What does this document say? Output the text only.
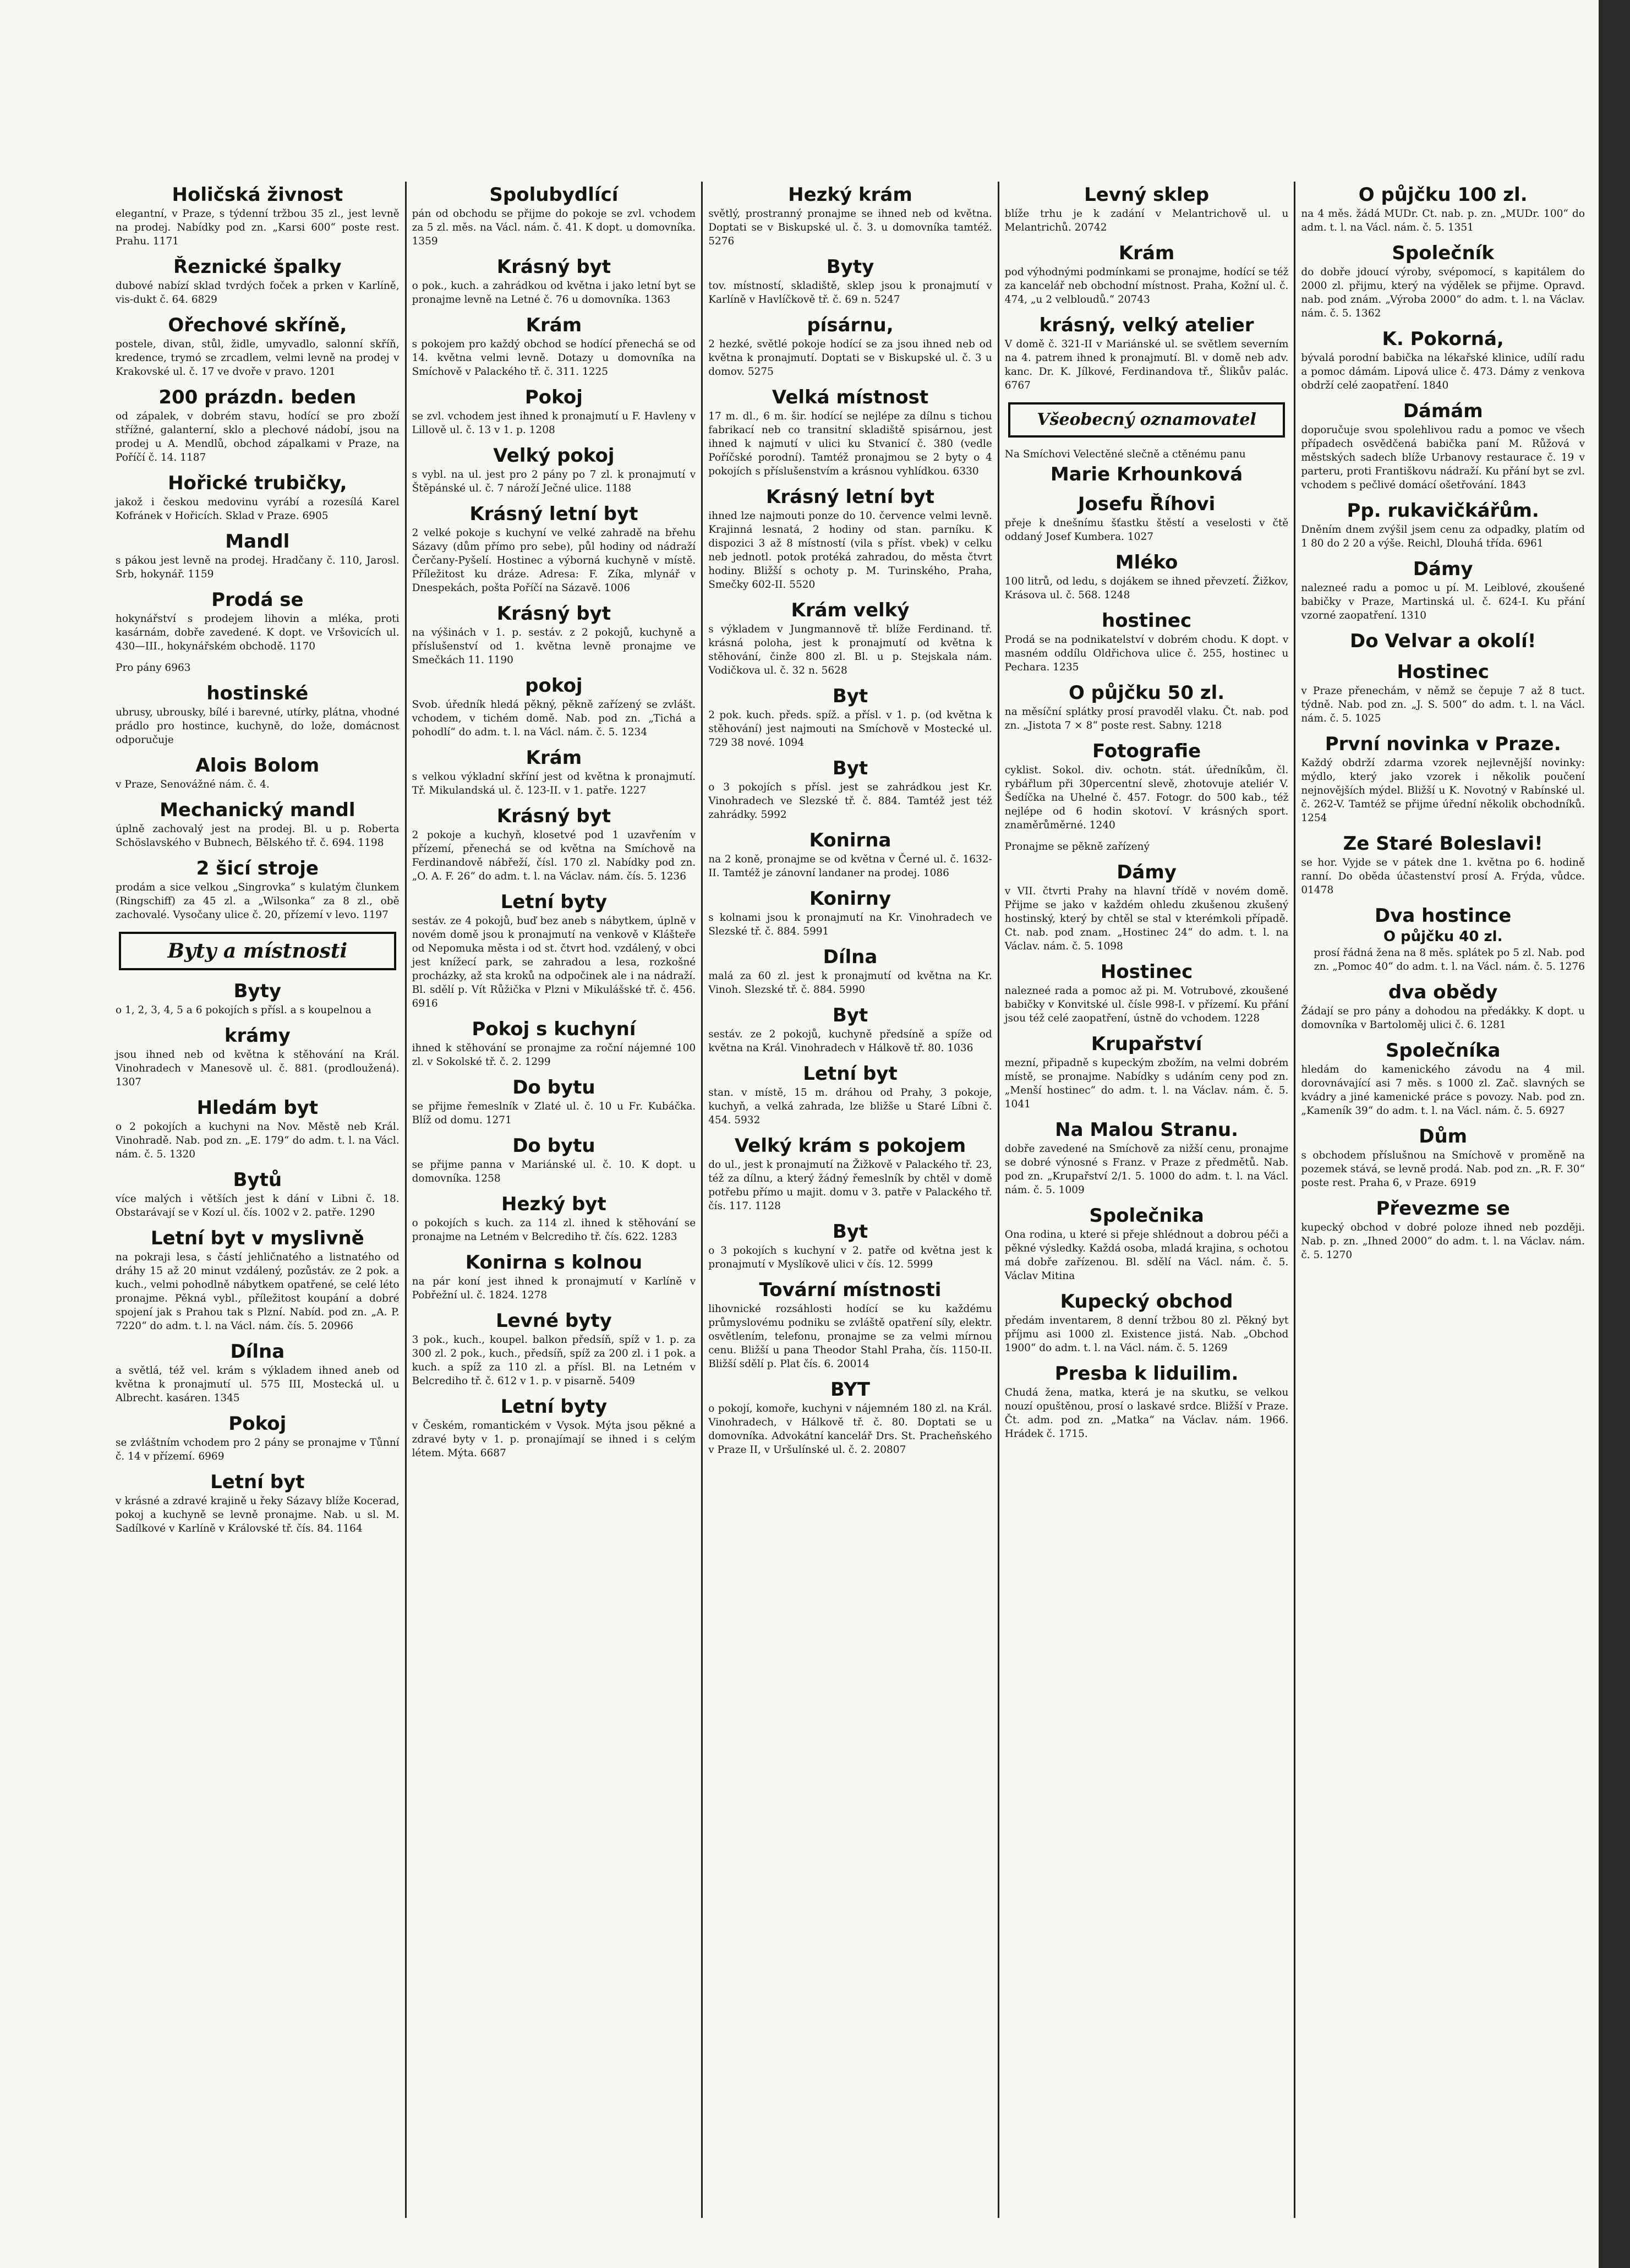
Holičská živnost

elegantní, v Praze, s týdenní tržbou 35 zl., jest levně na prodej. Nabídky pod zn. „Karsi 600“ poste rest. Prahu. 1171

Řeznické špalky

dubové nabízí sklad tvrdých foček a prken v Karlíně, vis-dukt č. 64. 6829

Ořechové skříně,

postele, divan, stůl, židle, umyvadlo, salonní skříň, kredence, trymó se zrcadlem, velmi levně na prodej v Krakovské ul. č. 17 ve dvoře v pravo. 1201

200 prázdn. beden

od zápalek, v dobrém stavu, hodící se pro zboží střížné, galanterní, sklo a plechové nádobí, jsou na prodej u A. Mendlů, obchod zápalkami v Praze, na Poříčí č. 14. 1187

Hořické trubičky,

jakož i českou medovinu vyrábí a rozesílá Karel Kofránek v Hořicích. Sklad v Praze. 6905

Mandl

s pákou jest levně na prodej. Hradčany č. 110, Jarosl. Srb, hokynář. 1159

Prodá se

hokynářství s prodejem lihovin a mléka, proti kasárnám, dobře zavedené. K dopt. ve Vršovicích ul. 430—III., hokynářském obchodě. 1170

Pro pány 6963

hostinské

ubrusy, ubrousky, bílé i barevné, utírky, plátna, vhodné prádlo pro hostince, kuchyně, do lože, domácnost odporučuje

Alois Bolom

v Praze, Senovážné nám. č. 4.

Mechanický mandl

úplně zachovalý jest na prodej. Bl. u p. Roberta Schöslavského v Bubnech, Bělského tř. č. 694. 1198

2 šicí stroje

prodám a sice velkou „Singrovka“ s kulatým člunkem (Ringschiff) za 45 zl. a „Wilsonka“ za 8 zl., obě zachovalé. Vysočany ulice č. 20, přízemí v levo. 1197

Byty a místnosti
Byty

o 1, 2, 3, 4, 5 a 6 pokojích s přísl. a s koupelnou a

krámy

jsou ihned neb od května k stěhování na Král. Vinohradech v Manesově ul. č. 881. (prodloužená). 1307

Hledám byt

o 2 pokojích a kuchyni na Nov. Městě neb Král. Vinohradě. Nab. pod zn. „E. 179“ do adm. t. l. na Václ. nám. č. 5. 1320

Bytů

více malých i větších jest k dání v Libni č. 18. Obstarávají se v Kozí ul. čís. 1002 v 2. patře. 1290

Letní byt v myslivně

na pokraji lesa, s částí jehličnatého a listnatého od dráhy 15 až 20 minut vzdálený, pozůstáv. ze 2 pok. a kuch., velmi pohodlně nábytkem opatřené, se celé léto pronajme. Pěkná vybl., příležitost koupání a dobré spojení jak s Prahou tak s Plzní. Nabíd. pod zn. „A. P. 7220“ do adm. t. l. na Václ. nám. čís. 5. 20966

Dílna

a světlá, též vel. krám s výkladem ihned aneb od května k pronajmutí ul. 575 III, Mostecká ul. u Albrecht. kasáren. 1345

Pokoj

se zvláštním vchodem pro 2 pány se pronajme v Tůnní č. 14 v přízemí. 6969

Letní byt

v krásné a zdravé krajině u řeky Sázavy blíže Kocerad, pokoj a kuchyně se levně pronajme. Nab. u sl. M. Sadílkové v Karlíně v Královské tř. čís. 84. 1164

Spolubydlící

pán od obchodu se přijme do pokoje se zvl. vchodem za 5 zl. měs. na Václ. nám. č. 41. K dopt. u domovníka. 1359

Krásný byt

o pok., kuch. a zahrádkou od května i jako letní byt se pronajme levně na Letné č. 76 u domovníka. 1363

Krám

s pokojem pro každý obchod se hodící přenechá se od 14. května velmi levně. Dotazy u domovníka na Smíchově v Palackého tř. č. 311. 1225

Pokoj

se zvl. vchodem jest ihned k pronajmutí u F. Havleny v Lillově ul. č. 13 v 1. p. 1208

Velký pokoj

s vybl. na ul. jest pro 2 pány po 7 zl. k pronajmutí v Štěpánské ul. č. 7 nároží Ječné ulice. 1188

Krásný letní byt

2 velké pokoje s kuchyní ve velké zahradě na břehu Sázavy (dům přímo pro sebe), půl hodiny od nádraží Čerčany-Pyšelí. Hostinec a výborná kuchyně v místě. Příležitost ku dráze. Adresa: F. Zíka, mlynář v Dnespekách, pošta Poříčí na Sázavě. 1006

Krásný byt

na výšinách v 1. p. sestáv. z 2 pokojů, kuchyně a příslušenství od 1. května levně pronajme ve Smečkách 11. 1190

pokoj

Svob. úředník hledá pěkný, pěkně zařízený se zvlášt. vchodem, v tichém domě. Nab. pod zn. „Tichá a pohodlí“ do adm. t. l. na Václ. nám. č. 5. 1234

Krám

s velkou výkladní skříní jest od května k pronajmutí. Tř. Mikulandská ul. č. 123-II. v 1. patře. 1227

Krásný byt

2 pokoje a kuchyň, klosetvé pod 1 uzavřením v přízemí, přenechá se od května na Smíchově na Ferdinandově nábřeží, čísl. 170 zl. Nabídky pod zn. „O. A. F. 26“ do adm. t. l. na Václav. nám. čís. 5. 1236

Letní byty

sestáv. ze 4 pokojů, buď bez aneb s nábytkem, úplně v novém domě jsou k pronajmutí na venkově v Klášteře od Nepomuka města i od st. čtvrt hod. vzdálený, v obci jest knížecí park, se zahradou a lesa, rozkošné procházky, až sta kroků na odpočinek ale i na nádraží. Bl. sdělí p. Vít Růžička v Plzni v Mikulášské tř. č. 456. 6916

Pokoj s kuchyní

ihned k stěhování se pronajme za roční nájemné 100 zl. v Sokolské tř. č. 2. 1299

Do bytu

se přijme řemeslník v Zlaté ul. č. 10 u Fr. Kubáčka. Blíž od domu. 1271

Do bytu

se přijme panna v Mariánské ul. č. 10. K dopt. u domovníka. 1258

Hezký byt

o pokojích s kuch. za 114 zl. ihned k stěhování se pronajme na Letném v Belcrediho tř. čís. 622. 1283

Konirna s kolnou

na pár koní jest ihned k pronajmutí v Karlíně v Pobřežní ul. č. 1824. 1278

Levné byty

3 pok., kuch., koupel. balkon předsíň, spíž v 1. p. za 300 zl. 2 pok., kuch., předsíň, spíž za 200 zl. i 1 pok. a kuch. a spíž za 110 zl. a přísl. Bl. na Letném v Belcrediho tř. č. 612 v 1. p. v pisarně. 5409

Letní byty

v Českém, romantickém v Vysok. Mýta jsou pěkné a zdravé byty v 1. p. pronajímají se ihned i s celým létem. Mýta. 6687

Hezký krám

světlý, prostranný pronajme se ihned neb od května. Doptati se v Biskupské ul. č. 3. u domovníka tamtéž. 5276

Byty

tov. místností, skladiště, sklep jsou k pronajmutí v Karlíně v Havlíčkově tř. č. 69 n. 5247

písárnu,

2 hezké, světlé pokoje hodící se za jsou ihned neb od května k pronajmutí. Doptati se v Biskupské ul. č. 3 u domov. 5275

Velká místnost

17 m. dl., 6 m. šir. hodící se nejlépe za dílnu s tichou fabrikací neb co transitní skladiště spisárnou, jest ihned k najmutí v ulici ku Stvanicí č. 380 (vedle Poříčské porodní). Tamtéž pronajmou se 2 byty o 4 pokojích s příslušenstvím a krásnou vyhlídkou. 6330

Krásný letní byt

ihned lze najmouti ponze do 10. července velmi levně. Krajinná lesnatá, 2 hodiny od stan. parníku. K dispozici 3 až 8 místností (vila s příst. vbek) v celku neb jednotl. potok protéká zahradou, do města čtvrt hodiny. Bližší s ochoty p. M. Turinského, Praha, Smečky 602-II. 5520

Krám velký

s výkladem v Jungmannově tř. blíže Ferdinand. tř. krásná poloha, jest k pronajmutí od května k stěhování, činže 800 zl. Bl. u p. Stejskala nám. Vodičkova ul. č. 32 n. 5628

Byt

2 pok. kuch. předs. spíž. a přísl. v 1. p. (od května k stěhování) jest najmouti na Smíchově v Mostecké ul. 729 38 nové. 1094

Byt

o 3 pokojích s přísl. jest se zahrádkou jest Kr. Vinohradech ve Slezské tř. č. 884. Tamtéž jest též zahrádky. 5992

Konirna

na 2 koně, pronajme se od května v Černé ul. č. 1632-II. Tamtéž je zánovní landaner na prodej. 1086

Konirny

s kolnami jsou k pronajmutí na Kr. Vinohradech ve Slezské tř. č. 884. 5991

Dílna

malá za 60 zl. jest k pronajmutí od května na Kr. Vinoh. Slezské tř. č. 884. 5990

Byt

sestáv. ze 2 pokojů, kuchyně předsíně a spíže od května na Král. Vinohradech v Hálkově tř. 80. 1036

Letní byt

stan. v místě, 15 m. dráhou od Prahy, 3 pokoje, kuchyň, a velká zahrada, lze bližše u Staré Líbni č. 454. 5932

Velký krám s pokojem

do ul., jest k pronajmutí na Žižkově v Palackého tř. 23, též za dílnu, a který žádný řemeslník by chtěl v domě potřebu přímo u majit. domu v 3. patře v Palackého tř. čís. 117. 1128

Byt

o 3 pokojích s kuchyní v 2. patře od května jest k pronajmutí v Myslíkově ulici v čís. 12. 5999

Tovární místnosti

lihovnické rozsáhlosti hodící se ku každému průmyslovému podniku se zvláště opatření síly, elektr. osvětlením, telefonu, pronajme se za velmi mírnou cenu. Bližší u pana Theodor Stahl Praha, čís. 1150-II. Bližší sdělí p. Plat čís. 6. 20014

BYT

o pokojí, komoře, kuchyni v nájemném 180 zl. na Král. Vinohradech, v Hálkově tř. č. 80. Doptati se u domovníka. Advokátní kancelář Drs. St. Pracheňského v Praze II, v Uršulínské ul. č. 2. 20807

Levný sklep

blíže trhu je k zadání v Melantrichově ul. u Melantrichů. 20742

Krám

pod výhodnými podmínkami se pronajme, hodící se též za kancelář neb obchodní místnost. Praha, Kožní ul. č. 474, „u 2 velbloudů.“ 20743

krásný, velký atelier

V domě č. 321-II v Mariánské ul. se světlem severním na 4. patrem ihned k pronajmutí. Bl. v domě neb adv. kanc. Dr. K. Jílkové, Ferdinandova tř., Šlikův palác. 6767

Všeobecný oznamovatel

Na Smíchovi Velectěné slečně a ctěnému panu

Marie Krhounková
Josefu Říhovi

přeje k dnešnímu šťastku štěstí a veselosti v čtě oddaný Josef Kumbera. 1027

Mléko

100 litrů, od ledu, s dojákem se ihned převzetí. Žižkov, Krásova ul. č. 568. 1248

hostinec

Prodá se na podnikatelství v dobrém chodu. K dopt. v masném oddílu Oldřichova ulice č. 255, hostinec u Pechara. 1235

O půjčku 50 zl.

na měsíční splátky prosí pravoděl vlaku. Čt. nab. pod zn. „Jistota 7 × 8“ poste rest. Sabny. 1218

Fotografie

cyklist. Sokol. div. ochotn. stát. úředníkům, čl. rybářlum při 30percentní slevě, zhotovuje ateliér V. Šedíčka na Uhelné č. 457. Fotogr. do 500 kab., též nejlépe od 6 hodin skotoví. V krásných sport. znaměrůměrné. 1240

Pronajme se pěkně zařízený

Dámy

v VII. čtvrti Prahy na hlavní třídě v novém domě. Přijme se jako v každém ohledu zkušenou zkušený hostinský, který by chtěl se stal v kterémkoli případě. Ct. nab. pod znam. „Hostinec 24“ do adm. t. l. na Václav. nám. č. 5. 1098

Hostinec

nalezneé rada a pomoc až pi. M. Votrubové, zkoušené babičky v Konvitské ul. čísle 998-I. v přízemí. Ku přání jsou též celé zaopatření, ústně do vchodem. 1228

Krupařství

mezní, připadně s kupeckým zbožím, na velmi dobrém místě, se pronajme. Nabídky s udáním ceny pod zn. „Menší hostinec“ do adm. t. l. na Václav. nám. č. 5. 1041

Na Malou Stranu.

dobře zavedené na Smíchově za nižší cenu, pronajme se dobré výnosné s Franz. v Praze z předmětů. Nab. pod zn. „Krupařství 2/1. 5. 1000 do adm. t. l. na Václ. nám. č. 5. 1009

Společnika

Ona rodina, u které si přeje shlédnout a dobrou péči a pěkné výsledky. Každá osoba, mladá krajina, s ochotou má dobře zařízenou. Bl. sdělí na Václ. nám. č. 5. Václav Mitina

Kupecký obchod

předám inventarem, 8 denní tržbou 80 zl. Pěkný byt příjmu asi 1000 zl. Existence jistá. Nab. „Obchod 1900“ do adm. t. l. na Václ. nám. č. 5. 1269

Presba k liduilim.

Chudá žena, matka, která je na skutku, se velkou nouzí opuštěnou, prosí o laskavé srdce. Bližší v Praze. Čt. adm. pod zn. „Matka“ na Václav. nám. 1966. Hrádek č. 1715.

O půjčku 100 zl.

na 4 měs. žádá MUDr. Ct. nab. p. zn. „MUDr. 100“ do adm. t. l. na Václ. nám. č. 5. 1351

Společník

do dobře jdoucí výroby, svépomocí, s kapitálem do 2000 zl. přijmu, který na výdělek se přijme. Opravd. nab. pod znám. „Výroba 2000“ do adm. t. l. na Václav. nám. č. 5. 1362

K. Pokorná,

bývalá porodní babička na lékařské klinice, udílí radu a pomoc dámám. Lipová ulice č. 473. Dámy z venkova obdrží celé zaopatření. 1840

Dámám

doporučuje svou spolehlivou radu a pomoc ve všech případech osvědčená babička paní M. Růžová v městských sadech blíže Urbanovy restaurace č. 19 v parteru, proti Františkovu nádraží. Ku přání byt se zvl. vchodem s pečlivé domácí ošetřování. 1843

Pp. rukavičkářům.

Dněním dnem zvýšil jsem cenu za odpadky, platím od 1 80 do 2 20 a výše. Reichl, Dlouhá třída. 6961

Dámy

nalezneé radu a pomoc u pí. M. Leiblové, zkoušené babičky v Praze, Martinská ul. č. 624-I. Ku přání vzorné zaopatření. 1310

Do Velvar a okolí!
Hostinec

v Praze přenechám, v němž se čepuje 7 až 8 tuct. týdně. Nab. pod zn. „J. S. 500“ do adm. t. l. na Václ. nám. č. 5. 1025

První novinka v Praze.

Každý obdrží zdarma vzorek nejlevnější novinky: mýdlo, který jako vzorek i několik poučení nejnovějších mýdel. Bližší u K. Novotný v Rabínské ul. č. 262-V. Tamtéž se přijme úřední několik obchodníků. 1254

Ze Staré Boleslavi!

se hor. Vyjde se v pátek dne 1. května po 6. hodině ranní. Do oběda účastenství prosí A. Frýda, vůdce. 01478

Dva hostince

O půjčku 40 zl.

prosí řádná žena na 8 měs. splátek po 5 zl. Nab. pod zn. „Pomoc 40“ do adm. t. l. na Václ. nám. č. 5. 1276

dva obědy

Žádají se pro pány a dohodou na předákky. K dopt. u domovníka v Bartoloměj ulici č. 6. 1281

Společníka

hledám do kamenického závodu na 4 mil. dorovnávající asi 7 měs. s 1000 zl. Zač. slavných se kvádry a jiné kamenické práce s povozy. Nab. pod zn. „Kameník 39“ do adm. t. l. na Václ. nám. č. 5. 6927

Dům

s obchodem příslušnou na Smíchově v proměně na pozemek stává, se levně prodá. Nab. pod zn. „R. F. 30“ poste rest. Praha 6, v Praze. 6919

Převezme se

kupecký obchod v dobré poloze ihned neb později. Nab. p. zn. „Ihned 2000“ do adm. t. l. na Václav. nám. č. 5. 1270
